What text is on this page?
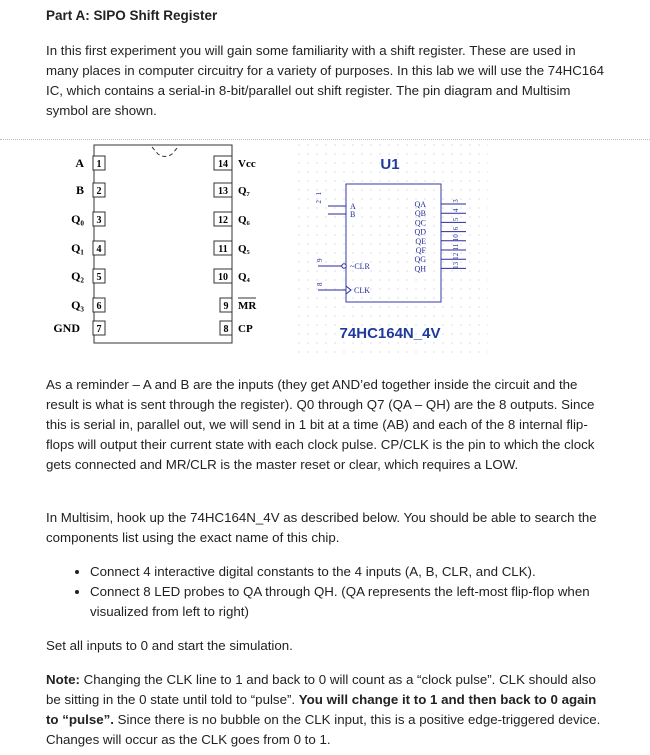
Part A: SIPO Shift Register
In this first experiment you will gain some familiarity with a shift register. These are used in many places in computer circuitry for a variety of purposes. In this lab we will use the 74HC164 IC, which contains a serial-in 8-bit/parallel out shift register. The pin diagram and Multisim symbol are shown.
A 1
B 2
Q₀ 3
Q₁ 4
Q₂ 5
Q₃ 6
GND 7
14 Vcc
13 Q₇
12 Q₆
11 Q₅
10 Q₄
9 MR
8 CP
U1
1
A
2
B
9
~CLR
8
CLK
QA	3
QB	4
QC	5
QD	6
QE	10
QF	11
QG	12
QH	13
74HC164N_4V
As a reminder – A and B are the inputs (they get AND’ed together inside the circuit and the result is what is sent through the register). Q0 through Q7 (QA – QH) are the 8 outputs. Since this is serial in, parallel out, we will send in 1 bit at a time (AB) and each of the 8 internal flip-flops will output their current state with each clock pulse. CP/CLK is the pin to which the clock gets connected and MR/CLR is the master reset or clear, which requires a LOW.
In Multisim, hook up the 74HC164N_4V as described below. You should be able to search the components list using the exact name of this chip.
• Connect 4 interactive digital constants to the 4 inputs (A, B, CLR, and CLK).
• Connect 8 LED probes to QA through QH. (QA represents the left-most flip-flop when visualized from left to right)
Set all inputs to 0 and start the simulation.
Note: Changing the CLK line to 1 and back to 0 will count as a “clock pulse”. CLK should also be sitting in the 0 state until told to “pulse”. You will change it to 1 and then back to 0 again to “pulse”. Since there is no bubble on the CLK input, this is a positive edge-triggered device. Changes will occur as the CLK goes from 0 to 1.
